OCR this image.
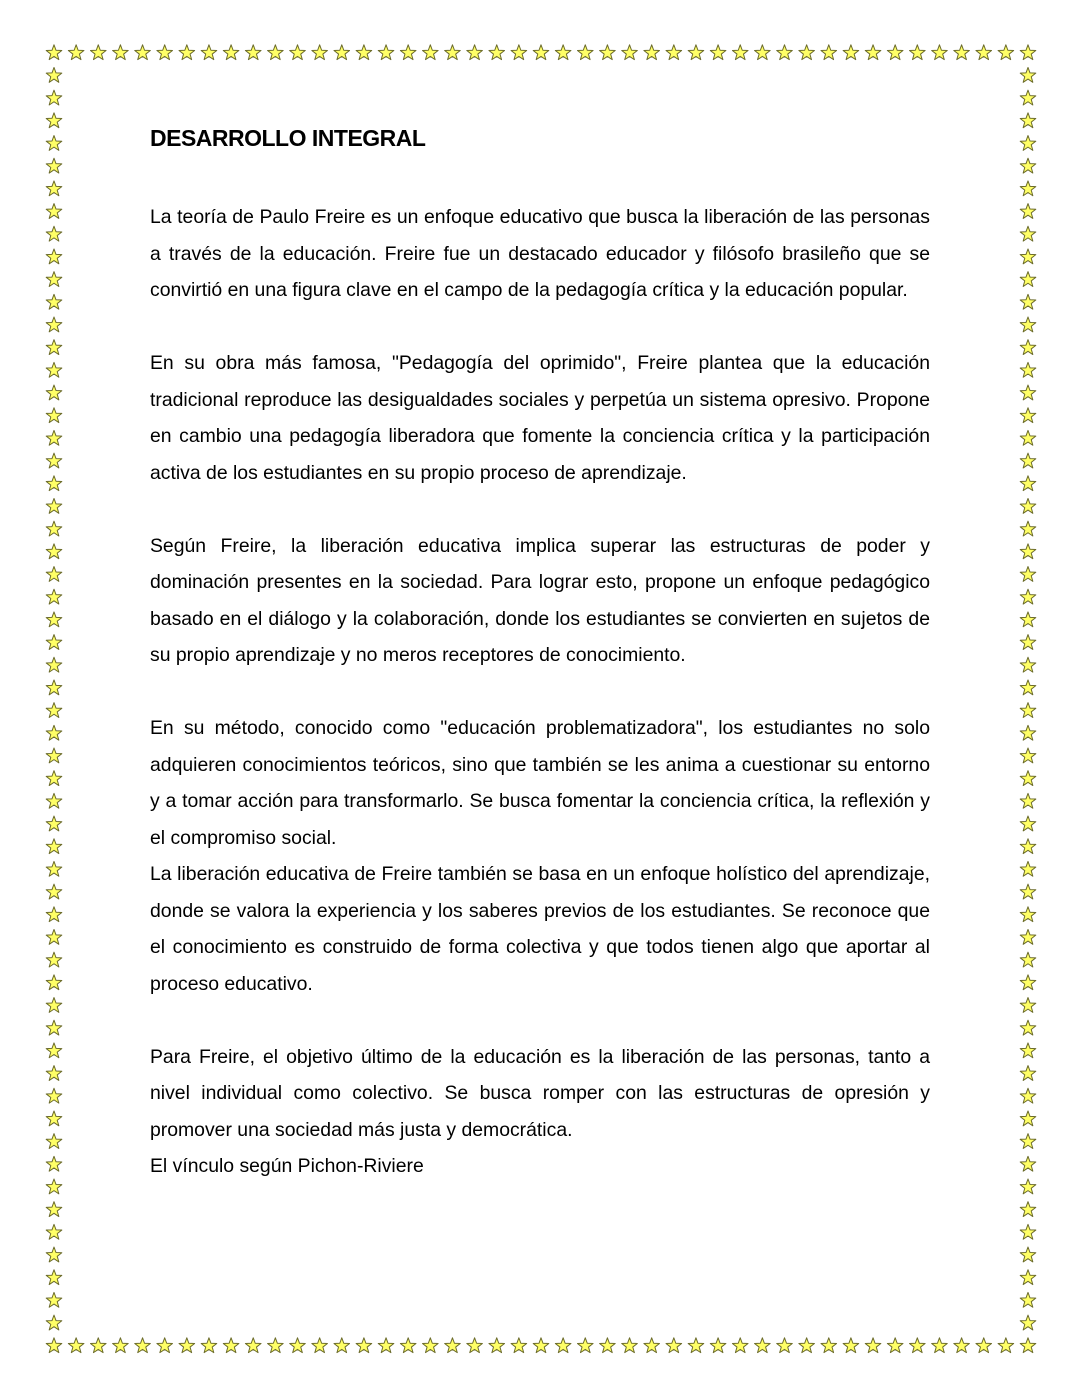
DESARROLLO INTEGRAL

La teoría de Paulo Freire es un enfoque educativo que busca la liberación de las personas a través de la educación. Freire fue un destacado educador y filósofo brasileño que se convirtió en una figura clave en el campo de la pedagogía crítica y la educación popular.

En su obra más famosa, "Pedagogía del oprimido", Freire plantea que la educación tradicional reproduce las desigualdades sociales y perpetúa un sistema opresivo. Propone en cambio una pedagogía liberadora que fomente la conciencia crítica y la participación activa de los estudiantes en su propio proceso de aprendizaje.

Según Freire, la liberación educativa implica superar las estructuras de poder y dominación presentes en la sociedad. Para lograr esto, propone un enfoque pedagógico basado en el diálogo y la colaboración, donde los estudiantes se convierten en sujetos de su propio aprendizaje y no meros receptores de conocimiento.

En su método, conocido como "educación problematizadora", los estudiantes no solo adquieren conocimientos teóricos, sino que también se les anima a cuestionar su entorno y a tomar acción para transformarlo. Se busca fomentar la conciencia crítica, la reflexión y el compromiso social.

La liberación educativa de Freire también se basa en un enfoque holístico del aprendizaje, donde se valora la experiencia y los saberes previos de los estudiantes. Se reconoce que el conocimiento es construido de forma colectiva y que todos tienen algo que aportar al proceso educativo.

Para Freire, el objetivo último de la educación es la liberación de las personas, tanto a nivel individual como colectivo. Se busca romper con las estructuras de opresión y promover una sociedad más justa y democrática.

El vínculo según Pichon-Riviere
